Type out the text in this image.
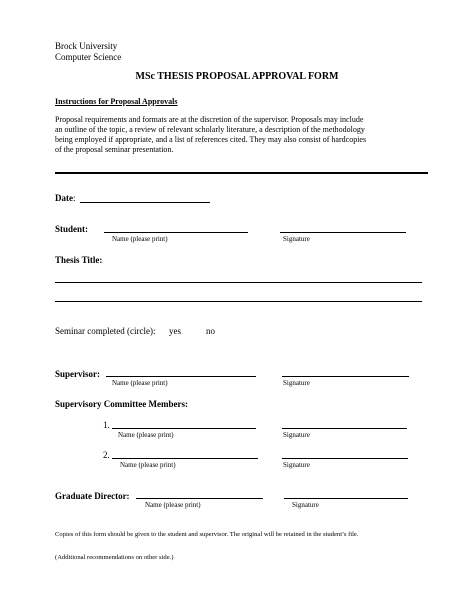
Brock University
Computer Science
MSc THESIS PROPOSAL APPROVAL FORM
Instructions for Proposal Approvals
Proposal requirements and formats are at the discretion of the supervisor. Proposals may include
an outline of the topic, a review of relevant scholarly literature, a description of the methodology
being employed if appropriate, and a list of references cited. They may also consist of hardcopies
of the proposal seminar presentation.
Date:
Student:
Name (please print)	Signature
Thesis Title:
Seminar completed (circle): yes	no
Supervisor:
Name (please print)	Signature
Supervisory Committee Members:
1.
Name (please print)	Signature
2.
Name (please print)	Signature
Graduate Director:
Name (please print)	Signature
Copies of this form should be given to the student and supervisor. The original will be retained in the student’s file.
(Additional recommendations on other side.)
